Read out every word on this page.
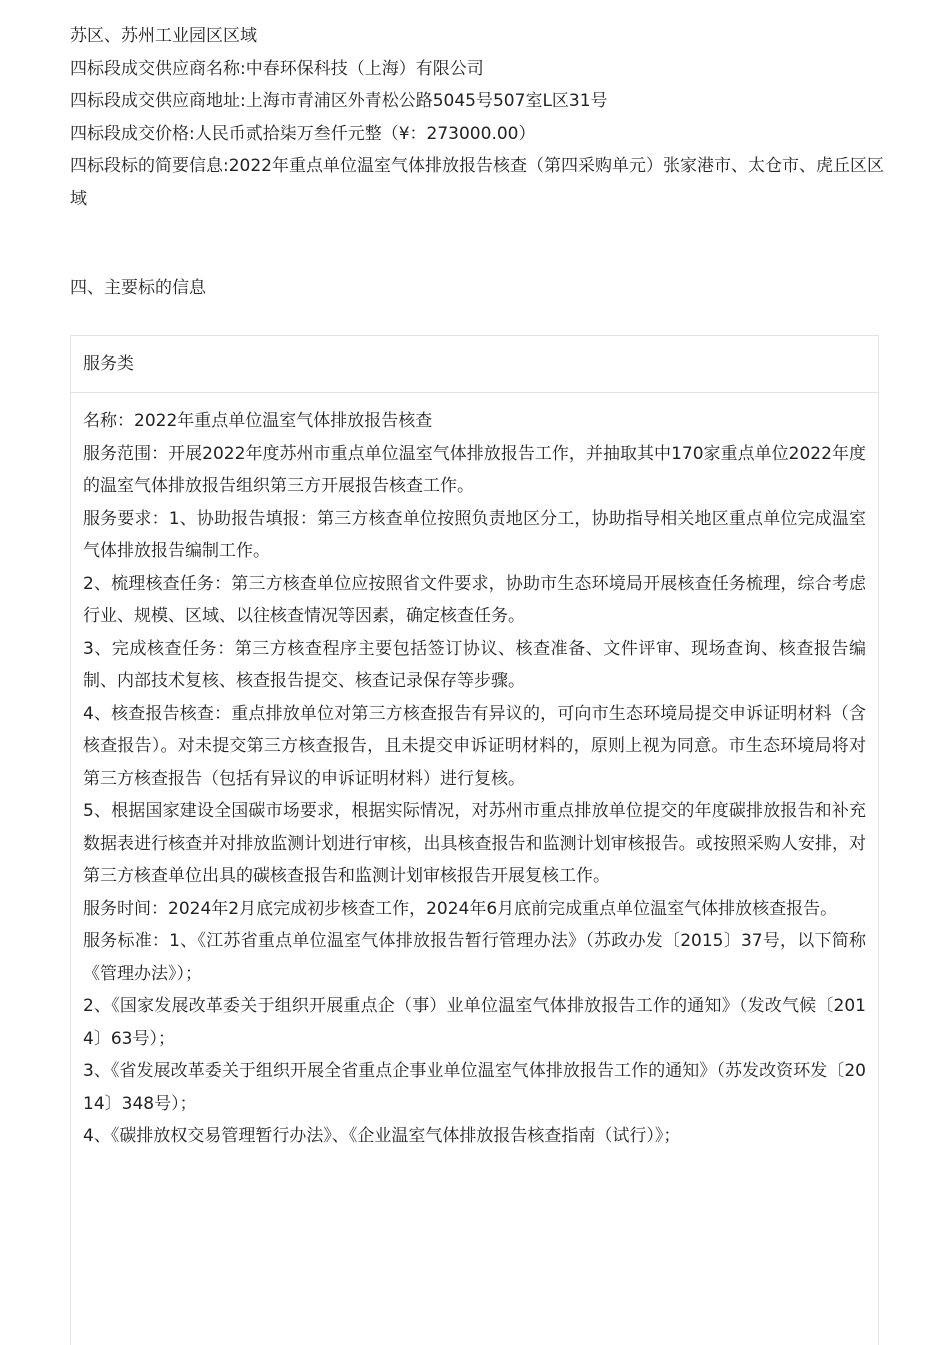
苏区、苏州工业园区区域
四标段成交供应商名称:中春环保科技（上海）有限公司
四标段成交供应商地址:上海市青浦区外青松公路5045号507室L区31号
四标段成交价格:人民币贰拾柒万叁仟元整（¥：273000.00）
四标段标的简要信息:2022年重点单位温室气体排放报告核查（第四采购单元）张家港市、太仓市、虎丘区区域
四、主要标的信息
服务类
名称：2022年重点单位温室气体排放报告核查
服务范围：开展2022年度苏州市重点单位温室气体排放报告工作，并抽取其中170家重点单位2022年度的温室气体排放报告组织第三方开展报告核查工作。
服务要求：1、协助报告填报：第三方核查单位按照负责地区分工，协助指导相关地区重点单位完成温室气体排放报告编制工作。
2、梳理核查任务：第三方核查单位应按照省文件要求，协助市生态环境局开展核查任务梳理，综合考虑行业、规模、区域、以往核查情况等因素，确定核查任务。
3、完成核查任务：第三方核查程序主要包括签订协议、核查准备、文件评审、现场查询、核查报告编制、内部技术复核、核查报告提交、核查记录保存等步骤。
4、核查报告核查：重点排放单位对第三方核查报告有异议的，可向市生态环境局提交申诉证明材料（含核查报告）。对未提交第三方核查报告，且未提交申诉证明材料的，原则上视为同意。市生态环境局将对第三方核查报告（包括有异议的申诉证明材料）进行复核。
5、根据国家建设全国碳市场要求，根据实际情况，对苏州市重点排放单位提交的年度碳排放报告和补充数据表进行核查并对排放监测计划进行审核，出具核查报告和监测计划审核报告。或按照采购人安排，对第三方核查单位出具的碳核查报告和监测计划审核报告开展复核工作。
服务时间：2024年2月底完成初步核查工作，2024年6月底前完成重点单位温室气体排放核查报告。
服务标准：1、《江苏省重点单位温室气体排放报告暂行管理办法》（苏政办发〔2015〕37号，以下简称《管理办法》）；
2、《国家发展改革委关于组织开展重点企（事）业单位温室气体排放报告工作的通知》（发改气候〔2014〕63号）；
3、《省发展改革委关于组织开展全省重点企事业单位温室气体排放报告工作的通知》（苏发改资环发〔2014〕348号）；
4、《碳排放权交易管理暂行办法》、《企业温室气体排放报告核查指南（试行）》；
